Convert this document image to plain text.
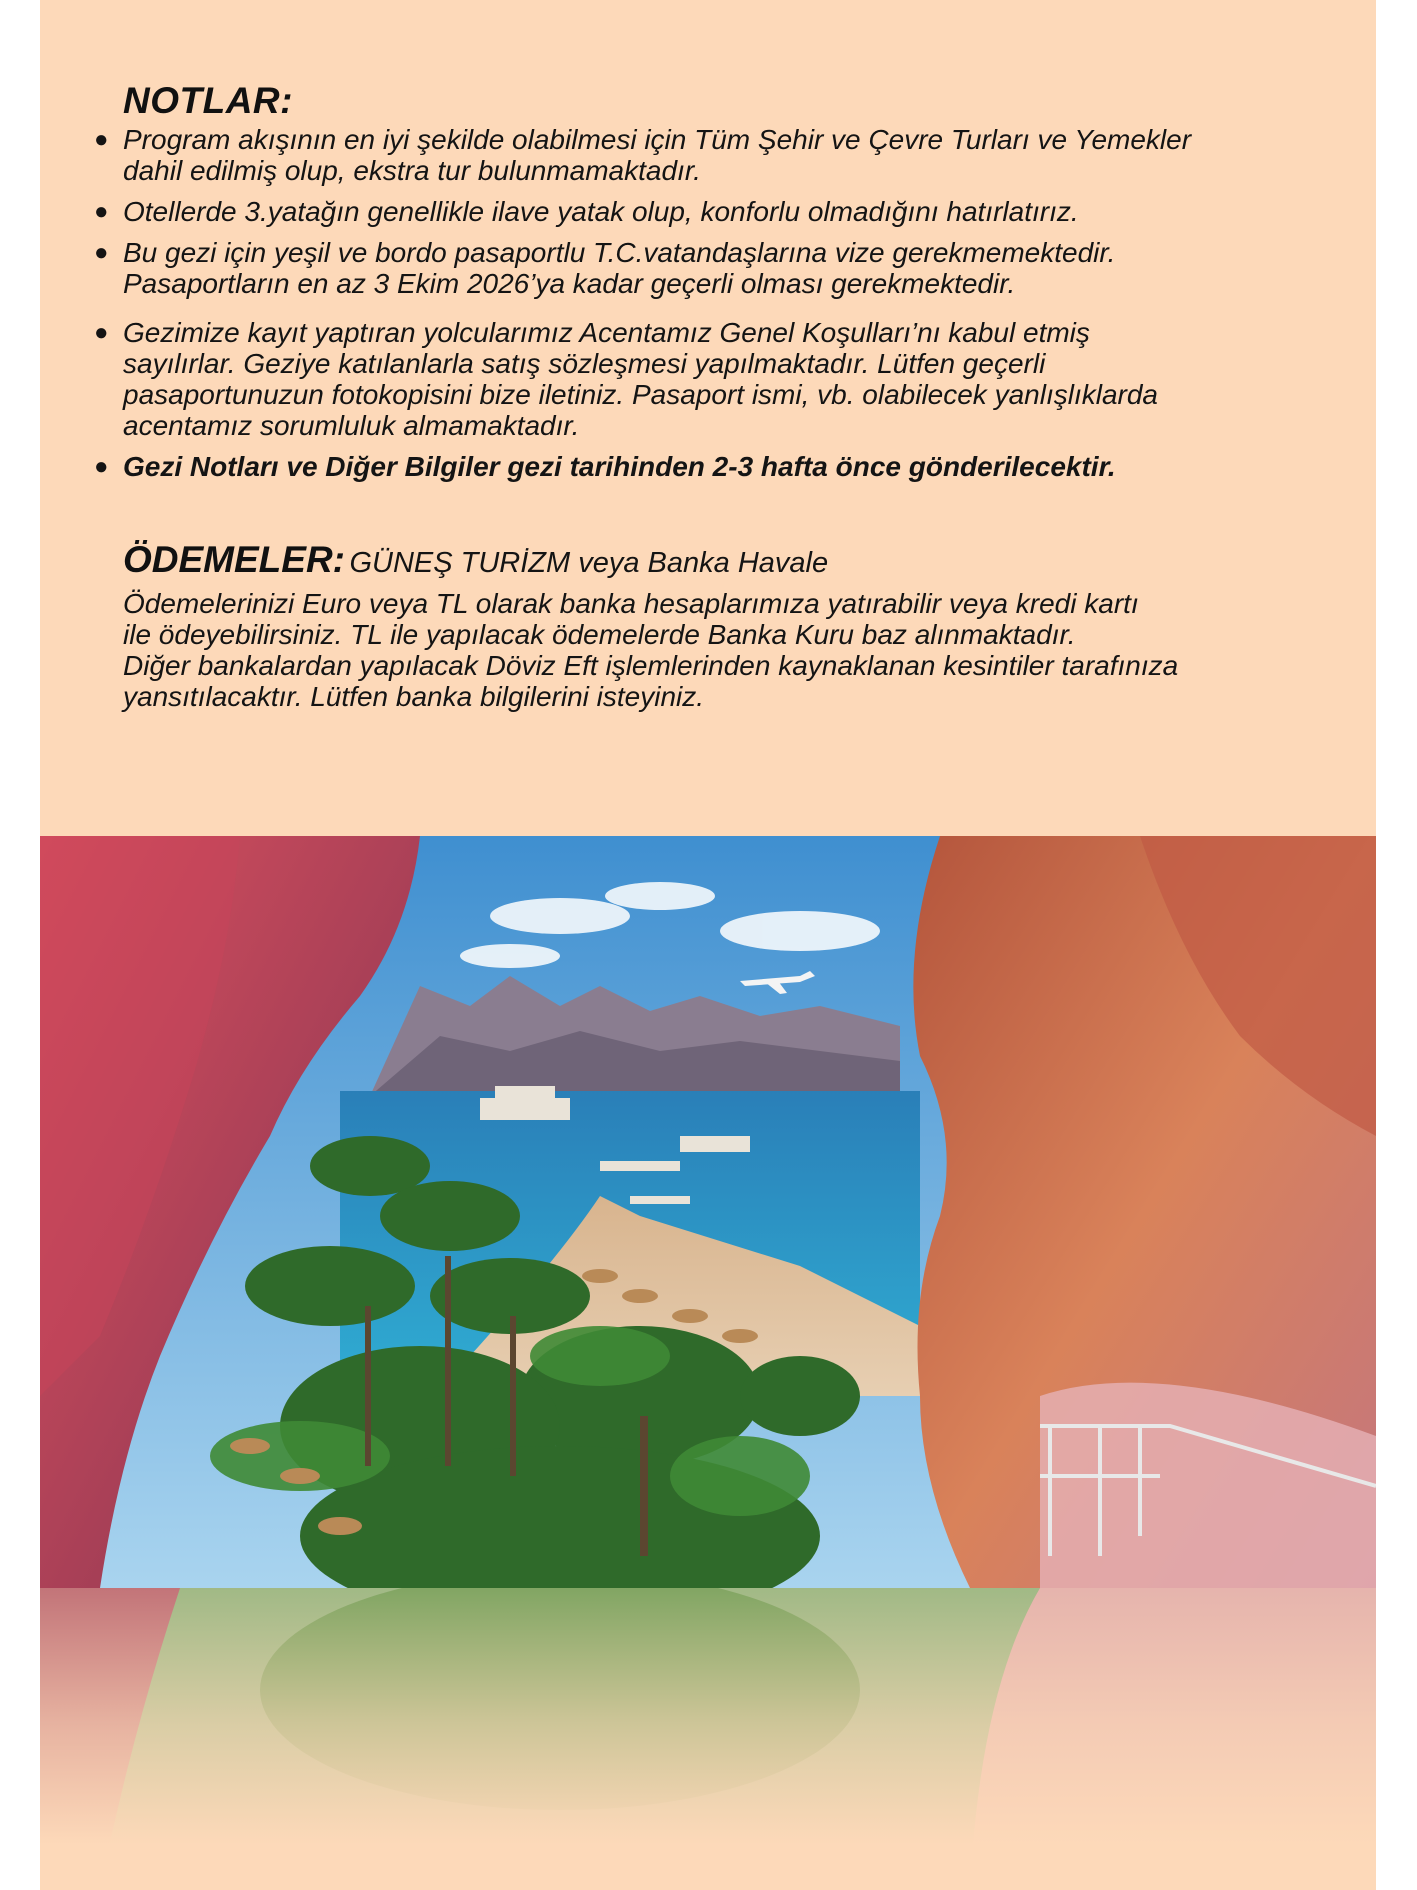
NOTLAR:
● Program akışının en iyi şekilde olabilmesi için Tüm Şehir ve Çevre Turları ve Yemekler
dahil edilmiş olup, ekstra tur bulunmamaktadır.
● Otellerde 3.yatağın genellikle ilave yatak olup, konforlu olmadığını hatırlatırız.
● Bu gezi için yeşil ve bordo pasaportlu T.C.vatandaşlarına vize gerekmemektedir.
Pasaportların en az 3 Ekim 2026’ya kadar geçerli olması gerekmektedir.
● Gezimize kayıt yaptıran yolcularımız Acentamız Genel Koşulları’nı kabul etmiş
sayılırlar. Geziye katılanlarla satış sözleşmesi yapılmaktadır. Lütfen geçerli
pasaportunuzun fotokopisini bize iletiniz. Pasaport ismi, vb. olabilecek yanlışlıklarda
acentamız sorumluluk almamaktadır.
● Gezi Notları ve Diğer Bilgiler gezi tarihinden 2-3 hafta önce gönderilecektir.
ÖDEMELER: GÜNEŞ TURİZM veya Banka Havale
Ödemelerinizi Euro veya TL olarak banka hesaplarımıza yatırabilir veya kredi kartı
ile ödeyebilirsiniz. TL ile yapılacak ödemelerde Banka Kuru baz alınmaktadır.
Diğer bankalardan yapılacak Döviz Eft işlemlerinden kaynaklanan kesintiler tarafınıza
yansıtılacaktır. Lütfen banka bilgilerini isteyiniz.
